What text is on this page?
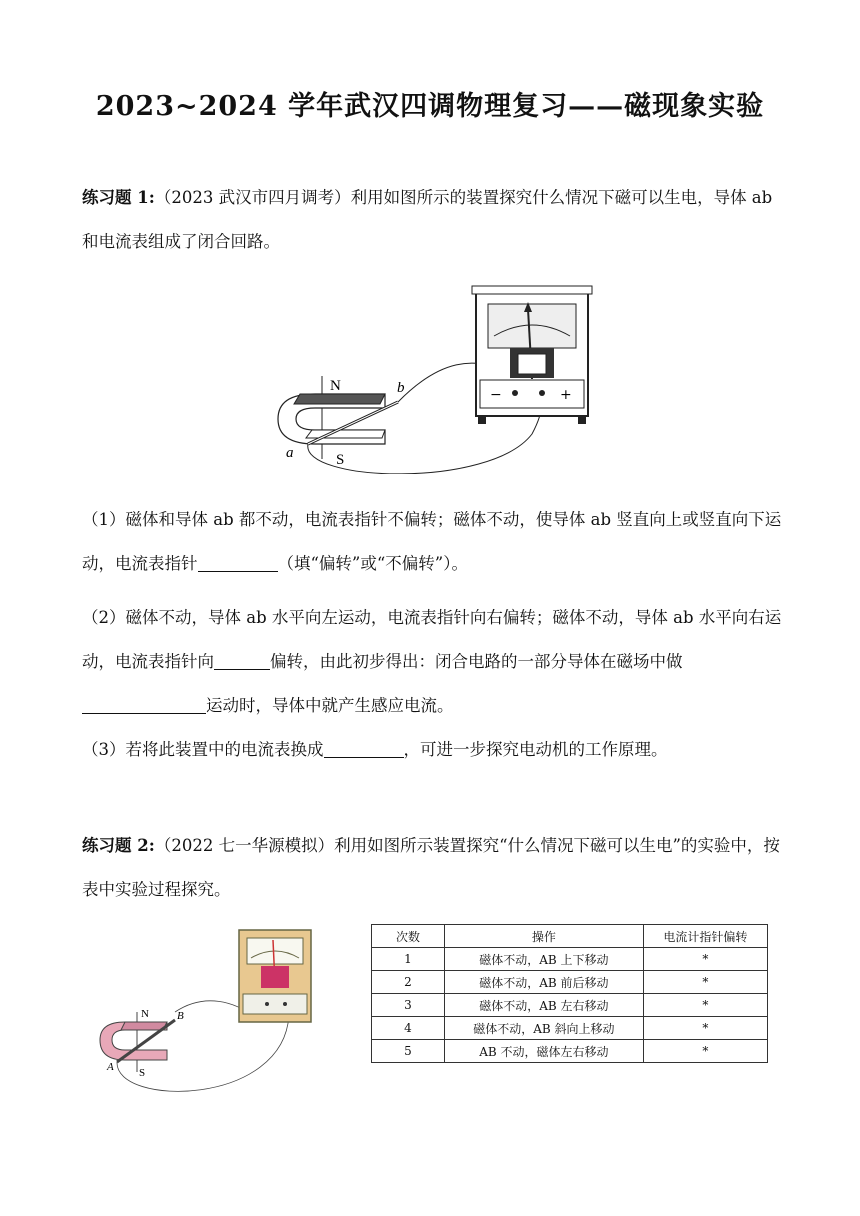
2023~2024 学年武汉四调物理复习——磁现象实验

练习题 1:（2023 武汉市四月调考）利用如图所示的装置探究什么情况下磁可以生电，导体 ab 和电流表组成了闭合回路。

N
S
a
b	−	+

（1）磁体和导体 ab 都不动，电流表指针不偏转；磁体不动，使导体 ab 竖直向上或竖直向下运动，电流表指针	（填“偏转”或“不偏转”）。

（2）磁体不动，导体 ab 水平向左运动，电流表指针向右偏转；磁体不动，导体 ab 水平向右运动，电流表指针向	偏转，由此初步得出：闭合电路的一部分导体在磁场中做运动时，导体中就产生感应电流。

（3）若将此装置中的电流表换成	，可进一步探究电动机的工作原理。

练习题 2:（2022 七一华源模拟）利用如图所示装置探究“什么情况下磁可以生电”的实验中，按表中实验过程探究。

N
S
A
B
次数	操作	电流计指针偏转
1	磁体不动，AB 上下移动	*
2	磁体不动，AB 前后移动	*
3	磁体不动，AB 左右移动	*
4	磁体不动，AB 斜向上移动	*
5	AB 不动，磁体左右移动	*
